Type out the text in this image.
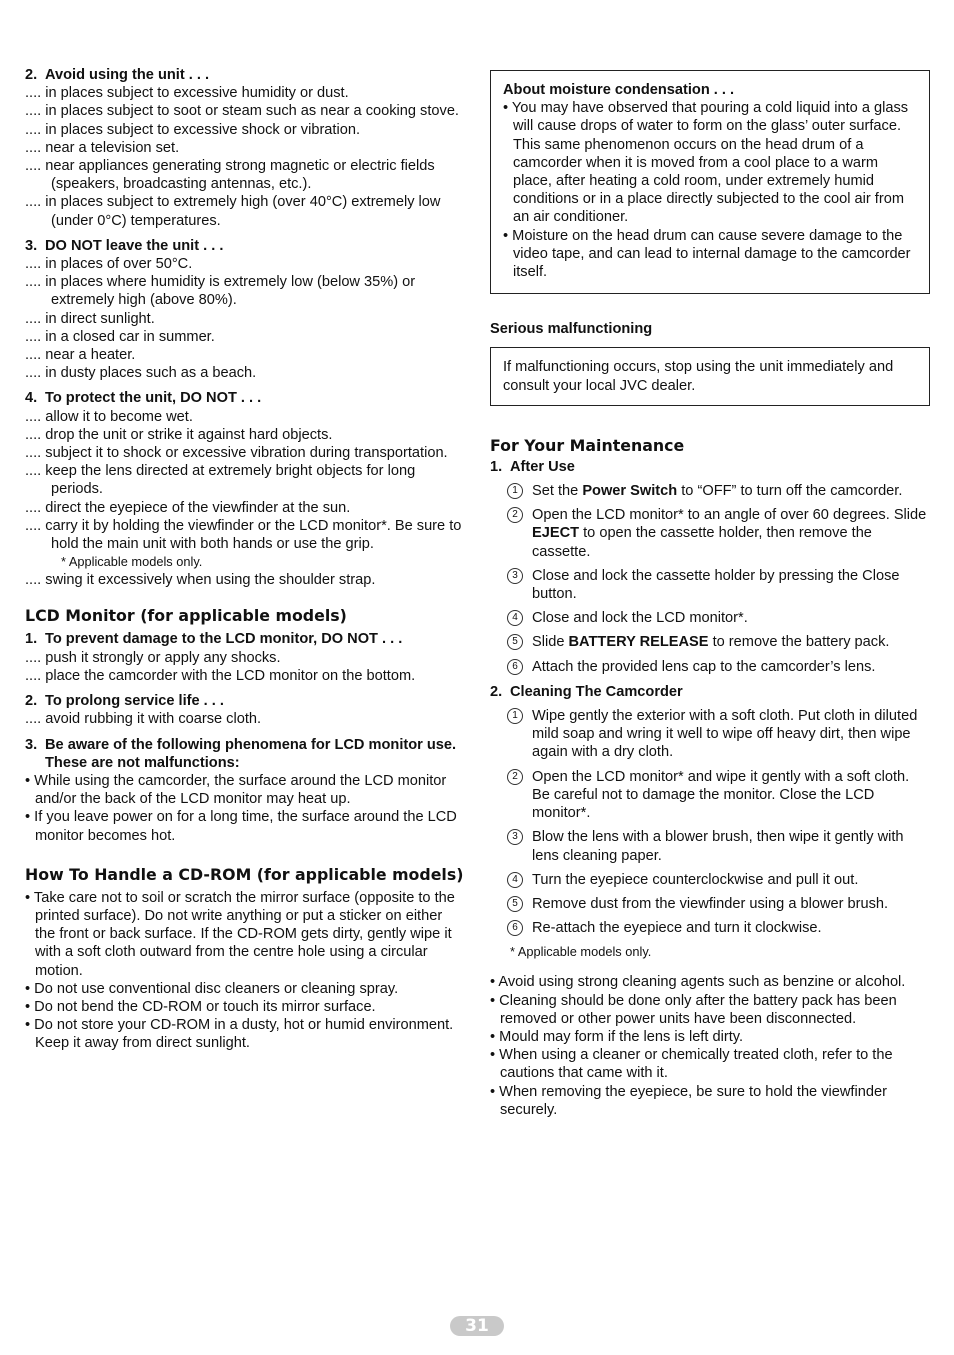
2. Avoid using the unit . . .
.... in places subject to excessive humidity or dust.
.... in places subject to soot or steam such as near a cooking stove.
.... in places subject to excessive shock or vibration.
.... near a television set.
.... near appliances generating strong magnetic or electric fields (speakers, broadcasting antennas, etc.).
.... in places subject to extremely high (over 40°C) extremely low (under 0°C) temperatures.
3. DO NOT leave the unit . . .
.... in places of over 50°C.
.... in places where humidity is extremely low (below 35%) or extremely high (above 80%).
.... in direct sunlight.
.... in a closed car in summer.
.... near a heater.
.... in dusty places such as a beach.
4. To protect the unit, DO NOT . . .
.... allow it to become wet.
.... drop the unit or strike it against hard objects.
.... subject it to shock or excessive vibration during transportation.
.... keep the lens directed at extremely bright objects for long periods.
.... direct the eyepiece of the viewfinder at the sun.
.... carry it by holding the viewfinder or the LCD monitor*. Be sure to hold the main unit with both hands or use the grip.
* Applicable models only.
.... swing it excessively when using the shoulder strap.
LCD Monitor (for applicable models)
1. To prevent damage to the LCD monitor, DO NOT . . .
.... push it strongly or apply any shocks.
.... place the camcorder with the LCD monitor on the bottom.
2. To prolong service life . . .
.... avoid rubbing it with coarse cloth.
3. Be aware of the following phenomena for LCD monitor use. These are not malfunctions:
• While using the camcorder, the surface around the LCD monitor and/or the back of the LCD monitor may heat up.
• If you leave power on for a long time, the surface around the LCD monitor becomes hot.
How To Handle a CD-ROM (for applicable models)
• Take care not to soil or scratch the mirror surface (opposite to the printed surface). Do not write anything or put a sticker on either the front or back surface. If the CD-ROM gets dirty, gently wipe it with a soft cloth outward from the centre hole using a circular motion.
• Do not use conventional disc cleaners or cleaning spray.
• Do not bend the CD-ROM or touch its mirror surface.
• Do not store your CD-ROM in a dusty, hot or humid environment. Keep it away from direct sunlight.
About moisture condensation . . .
• You may have observed that pouring a cold liquid into a glass will cause drops of water to form on the glass’ outer surface. This same phenomenon occurs on the head drum of a camcorder when it is moved from a cool place to a warm place, after heating a cold room, under extremely humid conditions or in a place directly subjected to the cool air from an air conditioner.
• Moisture on the head drum can cause severe damage to the video tape, and can lead to internal damage to the camcorder itself.
Serious malfunctioning
If malfunctioning occurs, stop using the unit immediately and consult your local JVC dealer.
For Your Maintenance
1. After Use
1 Set the Power Switch to “OFF” to turn off the camcorder.
2 Open the LCD monitor* to an angle of over 60 degrees. Slide EJECT to open the cassette holder, then remove the cassette.
3 Close and lock the cassette holder by pressing the Close button.
4 Close and lock the LCD monitor*.
5 Slide BATTERY RELEASE to remove the battery pack.
6 Attach the provided lens cap to the camcorder’s lens.
2. Cleaning The Camcorder
1 Wipe gently the exterior with a soft cloth. Put cloth in diluted mild soap and wring it well to wipe off heavy dirt, then wipe again with a dry cloth.
2 Open the LCD monitor* and wipe it gently with a soft cloth. Be careful not to damage the monitor. Close the LCD monitor*.
3 Blow the lens with a blower brush, then wipe it gently with lens cleaning paper.
4 Turn the eyepiece counterclockwise and pull it out.
5 Remove dust from the viewfinder using a blower brush.
6 Re-attach the eyepiece and turn it clockwise.
* Applicable models only.
• Avoid using strong cleaning agents such as benzine or alcohol.
• Cleaning should be done only after the battery pack has been removed or other power units have been disconnected.
• Mould may form if the lens is left dirty.
• When using a cleaner or chemically treated cloth, refer to the cautions that came with it.
• When removing the eyepiece, be sure to hold the viewfinder securely.
31
